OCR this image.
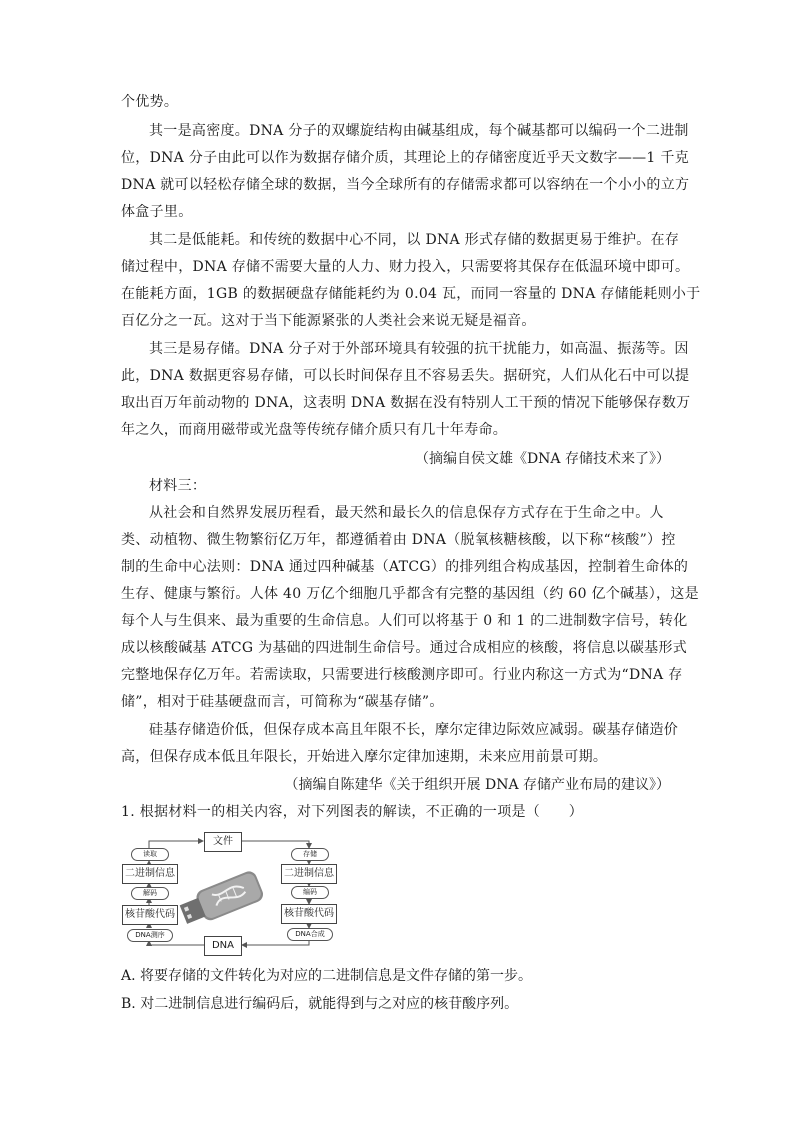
个优势。
其一是高密度。DNA 分子的双螺旋结构由碱基组成，每个碱基都可以编码一个二进制
位，DNA 分子由此可以作为数据存储介质，其理论上的存储密度近乎天文数字——1 千克
DNA 就可以轻松存储全球的数据，当今全球所有的存储需求都可以容纳在一个小小的立方
体盒子里。
其二是低能耗。和传统的数据中心不同，以 DNA 形式存储的数据更易于维护。在存
储过程中，DNA 存储不需要大量的人力、财力投入，只需要将其保存在低温环境中即可。
在能耗方面，1GB 的数据硬盘存储能耗约为 0.04 瓦，而同一容量的 DNA 存储能耗则小于
百亿分之一瓦。这对于当下能源紧张的人类社会来说无疑是福音。
其三是易存储。DNA 分子对于外部环境具有较强的抗干扰能力，如高温、振荡等。因
此，DNA 数据更容易存储，可以长时间保存且不容易丢失。据研究，人们从化石中可以提
取出百万年前动物的 DNA，这表明 DNA 数据在没有特别人工干预的情况下能够保存数万
年之久，而商用磁带或光盘等传统存储介质只有几十年寿命。
（摘编自侯文雄《DNA 存储技术来了》）
材料三：
从社会和自然界发展历程看，最天然和最长久的信息保存方式存在于生命之中。人
类、动植物、微生物繁衍亿万年，都遵循着由 DNA（脱氧核糖核酸，以下称“核酸”）控
制的生命中心法则：DNA 通过四种碱基（ATCG）的排列组合构成基因，控制着生命体的
生存、健康与繁衍。人体 40 万亿个细胞几乎都含有完整的基因组（约 60 亿个碱基），这是
每个人与生俱来、最为重要的生命信息。人们可以将基于 0 和 1 的二进制数字信号，转化
成以核酸碱基 ATCG 为基础的四进制生命信号。通过合成相应的核酸，将信息以碳基形式
完整地保存亿万年。若需读取，只需要进行核酸测序即可。行业内称这一方式为“DNA 存
储”，相对于硅基硬盘而言，可简称为“碳基存储”。
硅基存储造价低，但保存成本高且年限不长，摩尔定律边际效应减弱。碳基存储造价
高，但保存成本低且年限长，开始进入摩尔定律加速期，未来应用前景可期。
（摘编自陈建华《关于组织开展 DNA 存储产业布局的建议》）
1. 根据材料一的相关内容，对下列图表的解读，不正确的一项是（　　）
文件
DNA
读取
二进制信息
解码
核苷酸代码
DNA测序
存储
二进制信息
编码
核苷酸代码
DNA合成
A. 将要存储的文件转化为对应的二进制信息是文件存储的第一步。
B. 对二进制信息进行编码后，就能得到与之对应的核苷酸序列。
